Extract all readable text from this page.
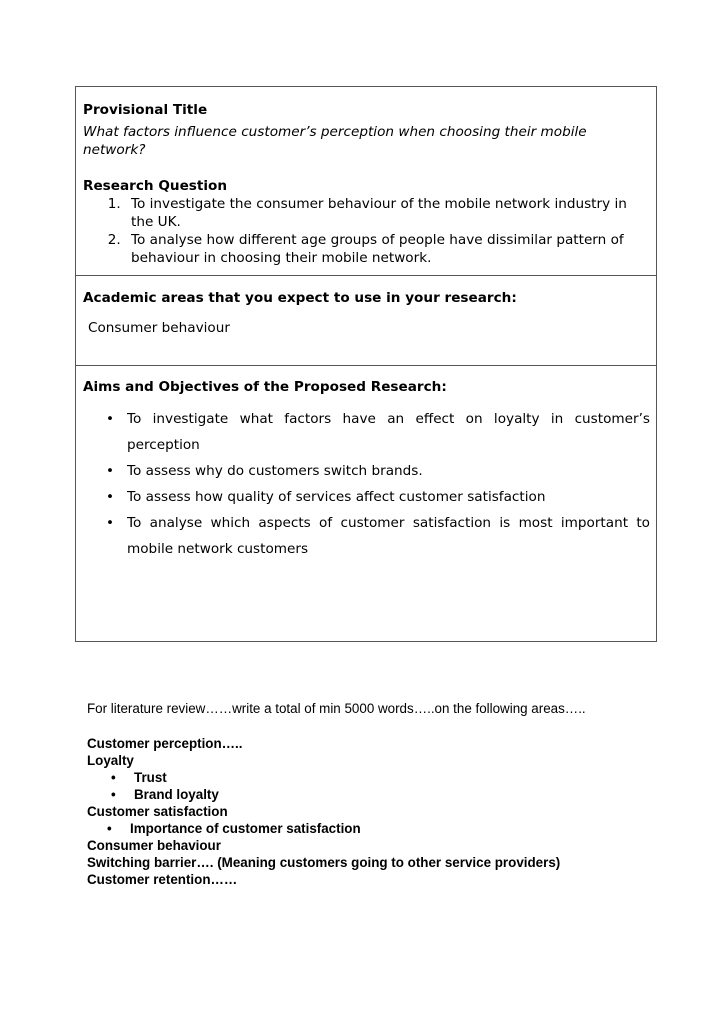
Provisional Title
What factors influence customer’s perception when choosing their mobile network?
Research Question
1. To investigate the consumer behaviour of the mobile network industry in the UK.
2. To analyse how different age groups of people have dissimilar pattern of behaviour in choosing their mobile network.
Academic areas that you expect to use in your research:
Consumer behaviour
Aims and Objectives of the Proposed Research:
• To investigate what factors have an effect on loyalty in customer’s perception
• To assess why do customers switch brands.
• To assess how quality of services affect customer satisfaction
• To analyse which aspects of customer satisfaction is most important to mobile network customers
For literature review……write a total of min 5000 words…..on the following areas…..
Customer perception…..
Loyalty
• Trust
• Brand loyalty
Customer satisfaction
• Importance of customer satisfaction
Consumer behaviour
Switching barrier…. (Meaning customers going to other service providers)
Customer retention……
